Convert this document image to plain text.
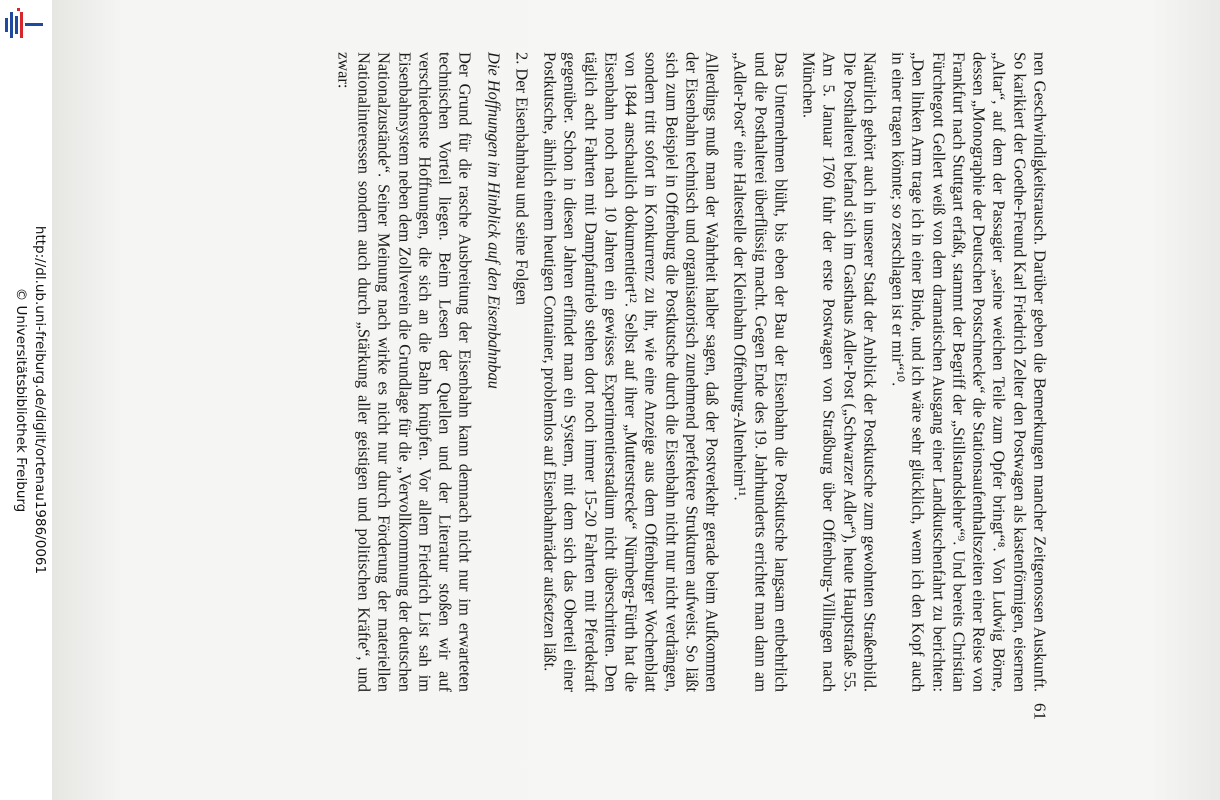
http://dl.ub.uni-freiburg.de/diglit/ortenau1986/0061
© Universitätsbibliothek Freiburg	nen Geschwindigkeitsrausch. Darüber geben die Bemerkungen mancher Zeitgenossen Auskunft. So karikiert der Goethe-Freund Karl Friedrich Zelter den Postwagen als kastenförmigen, eisernen „Altar“, auf dem der Passagier „seine weichen Teile zum Opfer bringt“⁸. Von Ludwig Börne, dessen „Monographie der Deutschen Postschnecke“ die Stationsaufenthaltszeiten einer Reise von Frankfurt nach Stuttgart erfaßt, stammt der Begriff der „Stillstandslehre“⁹. Und bereits Christian Fürchtegott Gellert weiß von dem dramatischen Ausgang einer Landkutschenfahrt zu berichten: „Den linken Arm trage ich in einer Binde, und ich wäre sehr glücklich, wenn ich den Kopf auch in einer tragen könnte; so zerschlagen ist er mir“¹⁰.

Natürlich gehört auch in unserer Stadt der Anblick der Postkutsche zum gewohnten Straßenbild. Die Posthalterei befand sich im Gasthaus Adler-Post („Schwarzer Adler“), heute Hauptstraße 55. Am 5. Januar 1760 fuhr der erste Postwagen von Straßburg über Offenburg-Villingen nach München.

Das Unternehmen blüht, bis eben der Bau der Eisenbahn die Postkutsche langsam entbehrlich und die Posthalterei überflüssig macht. Gegen Ende des 19. Jahrhunderts errichtet man dann am „Adler-Post“ eine Haltestelle der Kleinbahn Offenburg-Altenheim¹¹.

Allerdings muß man der Wahrheit halber sagen, daß der Postverkehr gerade beim Aufkommen der Eisenbahn technisch und organisatorisch zunehmend perfektere Strukturen aufweist. So läßt sich zum Beispiel in Offenburg die Postkutsche durch die Eisenbahn nicht nur nicht verdrängen, sondern tritt sofort in Konkurrenz zu ihr, wie eine Anzeige aus dem Offenburger Wochenblatt von 1844 anschaulich dokumentiert¹². Selbst auf ihrer „Mutterstrecke“ Nürnberg-Fürth hat die Eisenbahn noch nach 10 Jahren ein gewisses Experimentierstadium nicht überschritten. Den täglich acht Fahrten mit Dampfantrieb stehen dort noch immer 15-20 Fahrten mit Pferdekraft gegenüber. Schon in diesen Jahren erfindet man ein System, mit dem sich das Oberteil einer Postkutsche, ähnlich einem heutigen Container, problemlos auf Eisenbahnräder aufsetzen läßt.

2. Der Eisenbahnbau und seine Folgen
Die Hoffnungen im Hinblick auf den Eisenbahnbau

Der Grund für die rasche Ausbreitung der Eisenbahn kann demnach nicht nur im erwarteten technischen Vorteil liegen. Beim Lesen der Quellen und der Literatur stoßen wir auf verschiedenste Hoffnungen, die sich an die Bahn knüpfen. Vor allem Friedrich List sah im Eisenbahnsystem neben dem Zollverein die Grundlage für die „Vervollkommnung der deutschen Nationalzustände“. Seiner Meinung nach wirke es nicht nur durch Förderung der materiellen Nationalinteressen sondern auch durch „Stärkung aller geistigen und politischen Kräfte“, und zwar:

61
